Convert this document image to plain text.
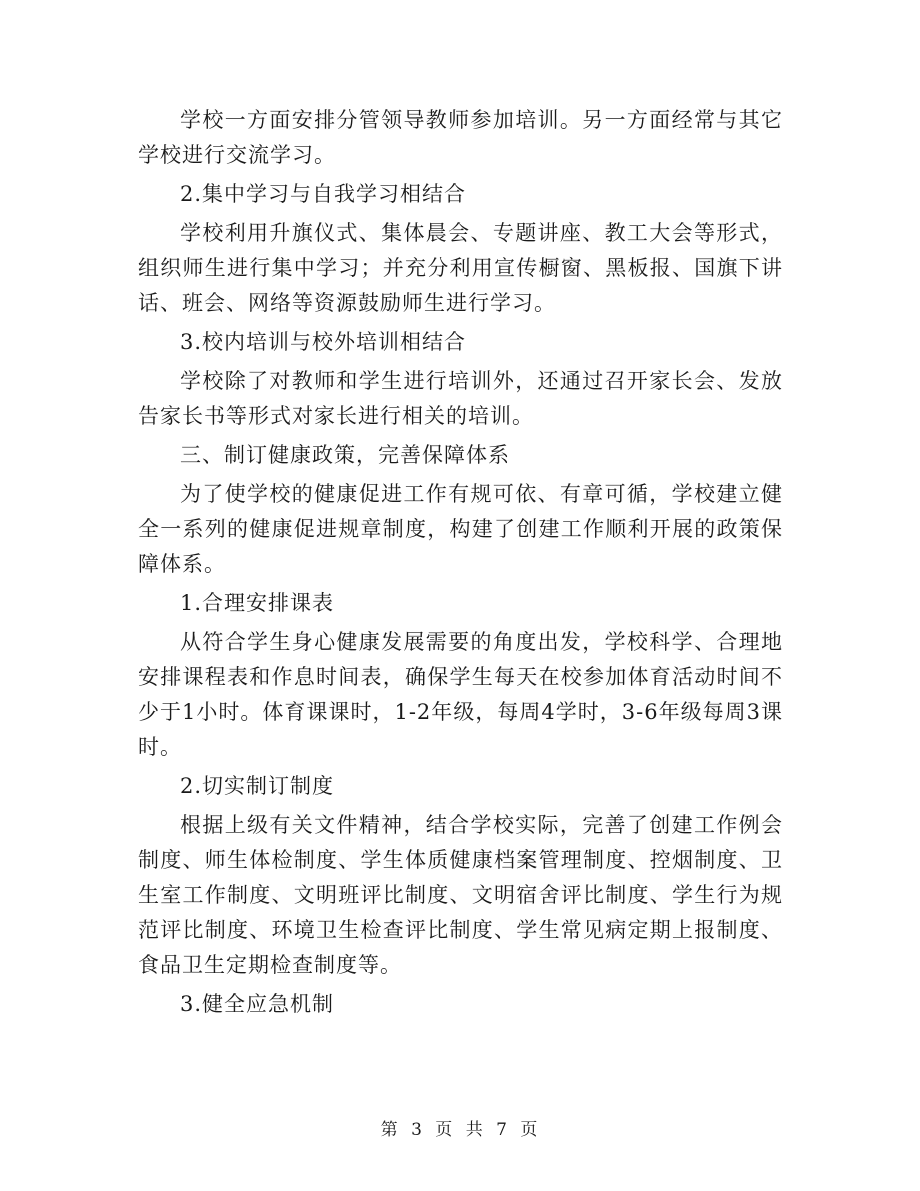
学校一方面安排分管领导教师参加培训。另一方面经常与其它学校进行交流学习。

2.集中学习与自我学习相结合

学校利用升旗仪式、集体晨会、专题讲座、教工大会等形式，组织师生进行集中学习；并充分利用宣传橱窗、黑板报、国旗下讲话、班会、网络等资源鼓励师生进行学习。

3.校内培训与校外培训相结合

学校除了对教师和学生进行培训外，还通过召开家长会、发放告家长书等形式对家长进行相关的培训。

三、制订健康政策，完善保障体系

为了使学校的健康促进工作有规可依、有章可循，学校建立健全一系列的健康促进规章制度，构建了创建工作顺利开展的政策保障体系。

1.合理安排课表

从符合学生身心健康发展需要的角度出发，学校科学、合理地安排课程表和作息时间表，确保学生每天在校参加体育活动时间不少于1小时。体育课课时，1-2年级，每周4学时，3-6年级每周3课时。

2.切实制订制度

根据上级有关文件精神，结合学校实际，完善了创建工作例会制度、师生体检制度、学生体质健康档案管理制度、控烟制度、卫生室工作制度、文明班评比制度、文明宿舍评比制度、学生行为规范评比制度、环境卫生检查评比制度、学生常见病定期上报制度、食品卫生定期检查制度等。

3.健全应急机制

第 3 页 共 7 页
